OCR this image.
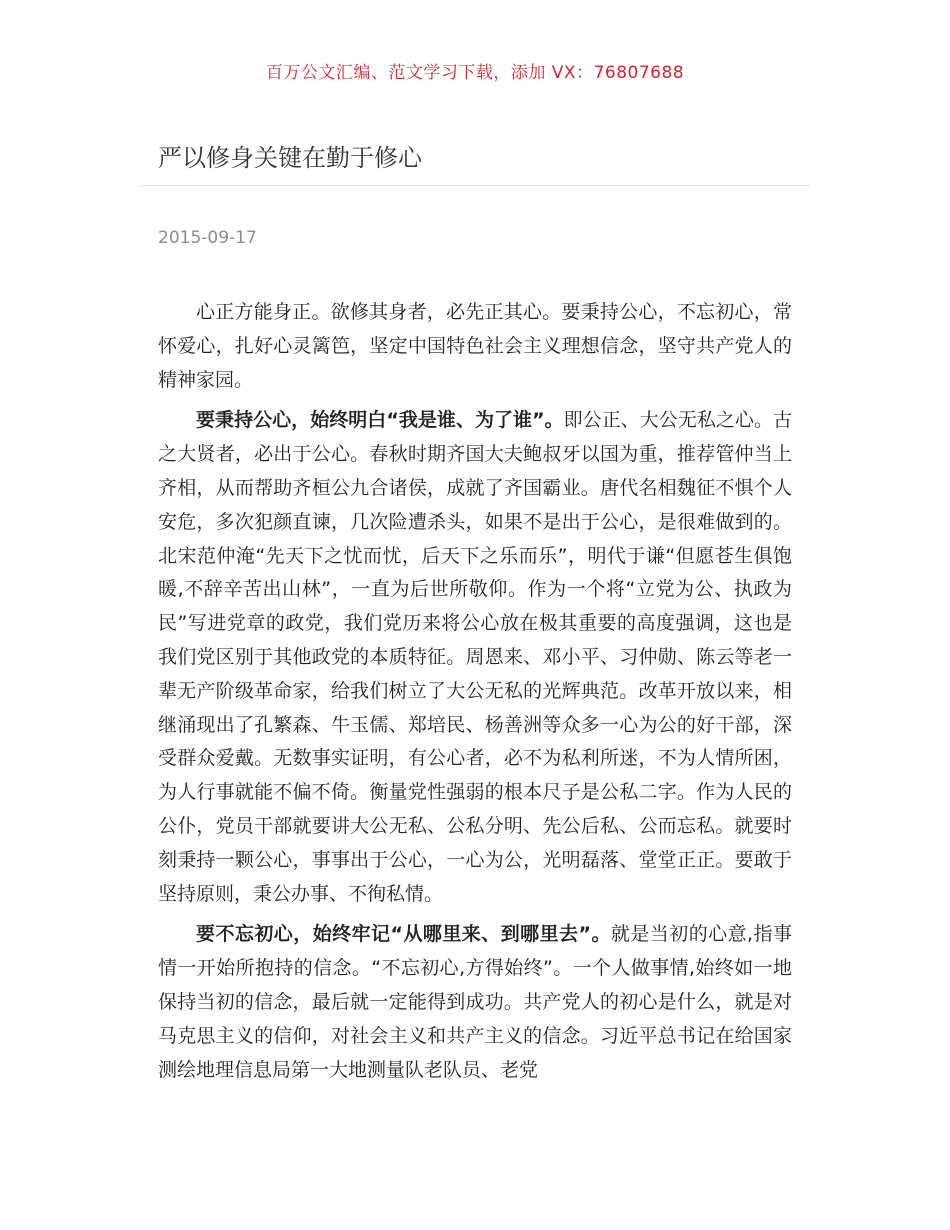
百万公文汇编、范文学习下载，添加 VX：76807688
严以修身关键在勤于修心
2015-09-17

心正方能身正。欲修其身者，必先正其心。要秉持公心，不忘初心，常怀爱心，扎好心灵篱笆，坚定中国特色社会主义理想信念，坚守共产党人的精神家园。

要秉持公心，始终明白“我是谁、为了谁”。即公正、大公无私之心。古之大贤者，必出于公心。春秋时期齐国大夫鲍叔牙以国为重，推荐管仲当上齐相，从而帮助齐桓公九合诸侯，成就了齐国霸业。唐代名相魏征不惧个人安危，多次犯颜直谏，几次险遭杀头，如果不是出于公心，是很难做到的。北宋范仲淹“先天下之忧而忧，后天下之乐而乐”，明代于谦“但愿苍生俱饱暖,不辞辛苦出山林”，一直为后世所敬仰。作为一个将“立党为公、执政为民”写进党章的政党，我们党历来将公心放在极其重要的高度强调，这也是我们党区别于其他政党的本质特征。周恩来、邓小平、习仲勋、陈云等老一辈无产阶级革命家，给我们树立了大公无私的光辉典范。改革开放以来，相继涌现出了孔繁森、牛玉儒、郑培民、杨善洲等众多一心为公的好干部，深受群众爱戴。无数事实证明，有公心者，必不为私利所迷，不为人情所困，为人行事就能不偏不倚。衡量党性强弱的根本尺子是公私二字。作为人民的公仆，党员干部就要讲大公无私、公私分明、先公后私、公而忘私。就要时刻秉持一颗公心，事事出于公心，一心为公，光明磊落、堂堂正正。要敢于坚持原则，秉公办事、不徇私情。

要不忘初心，始终牢记“从哪里来、到哪里去”。就是当初的心意,指事情一开始所抱持的信念。“不忘初心,方得始终”。一个人做事情,始终如一地保持当初的信念，最后就一定能得到成功。共产党人的初心是什么，就是对马克思主义的信仰，对社会主义和共产主义的信念。习近平总书记在给国家测绘地理信息局第一大地测量队老队员、老党
